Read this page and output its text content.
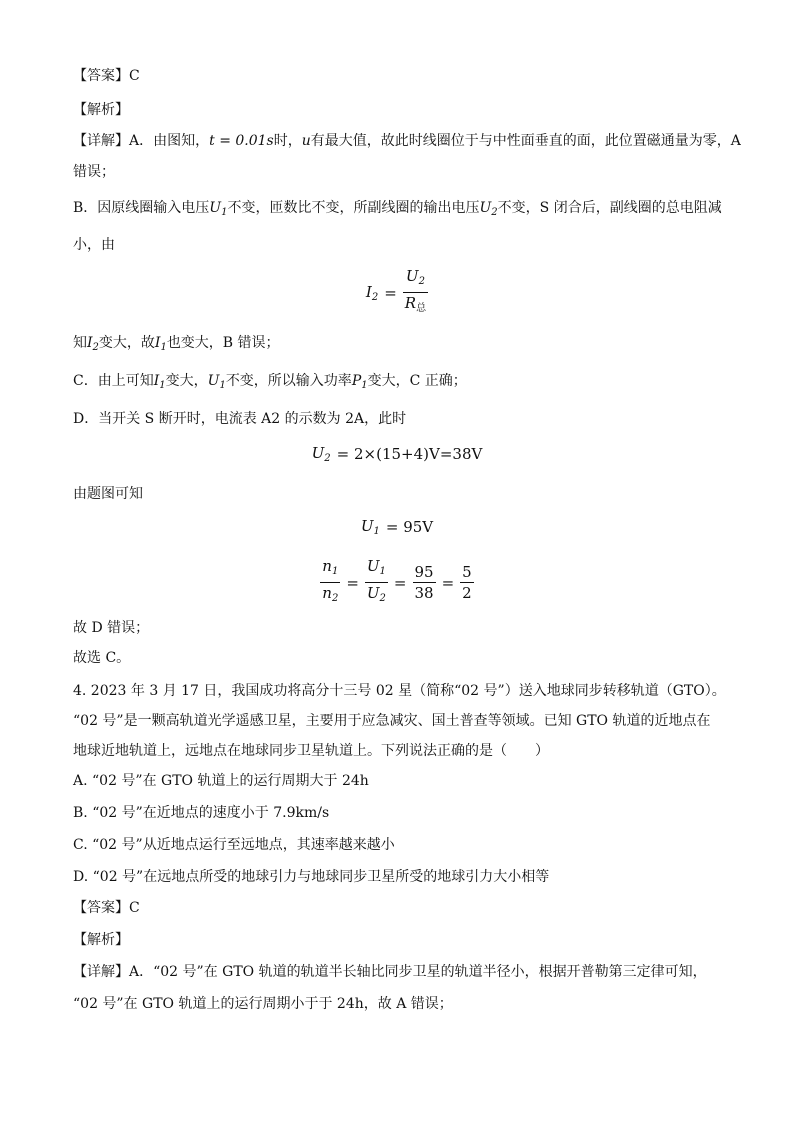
【答案】C
【解析】
【详解】A．由图知，t = 0.01s时，u有最大值，故此时线圈位于与中性面垂直的面，此位置磁通量为零，A
错误；
B．因原线圈输入电压$U_1$不变，匝数比不变，所副线圈的输出电压$U_2$不变，S 闭合后，副线圈的总电阻减
小，由
$I_2 = \frac{U_2}{R_总}$
知$I_2$变大，故$I_1$也变大，B 错误；
C．由上可知$I_1$变大，$U_1$不变，所以输入功率$P_1$变大，C 正确；
D．当开关 S 断开时，电流表 A2 的示数为 2A，此时
$U_2 = 2\times(15+4)V=38V$
由题图可知
$U_1 = 95V$
$\frac{n_1}{n_2} = \frac{U_1}{U_2} = \frac{95}{38} = \frac{5}{2}$
故 D 错误；
故选 C。
4. 2023 年 3 月 17 日，我国成功将高分十三号 02 星（简称“02 号”）送入地球同步转移轨道（GTO）。
“02 号”是一颗高轨道光学遥感卫星，主要用于应急减灾、国土普查等领域。已知 GTO 轨道的近地点在
地球近地轨道上，远地点在地球同步卫星轨道上。下列说法正确的是（　　）
A. “02 号”在 GTO 轨道上的运行周期大于 24h
B. “02 号”在近地点的速度小于 7.9km/s
C. “02 号”从近地点运行至远地点，其速率越来越小
D. “02 号”在远地点所受的地球引力与地球同步卫星所受的地球引力大小相等
【答案】C
【解析】
【详解】A．“02 号”在 GTO 轨道的轨道半长轴比同步卫星的轨道半径小，根据开普勒第三定律可知，
“02 号”在 GTO 轨道上的运行周期小于于 24h，故 A 错误；
